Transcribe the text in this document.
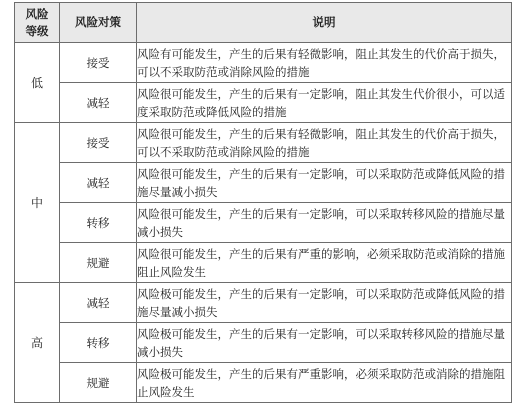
风险
等级	风险对策	说明
低	接受	风险有可能发生，产生的后果有轻微影响，阻止其发生的代价高于损失，可以不采取防范或消除风险的措施
	减轻	风险很可能发生，产生的后果有一定影响，阻止其发生代价很小，可以适度采取防范或降低风险的措施
中	接受	风险很可能发生，产生的后果有轻微影响，阻止其发生的代价高于损失，可以不采取防范或消除风险的措施
	减轻	风险很可能发生，产生的后果有一定影响，可以采取防范或降低风险的措施尽量减小损失
	转移	风险很可能发生，产生的后果有一定影响，可以采取转移风险的措施尽量减小损失
	规避	风险很可能发生，产生的后果有严重的影响，必须采取防范或消除的措施阻止风险发生
高	减轻	风险极可能发生，产生的后果有一定影响，可以采取防范或降低风险的措施尽量减小损失
	转移	风险极可能发生，产生的后果有一定影响，可以采取转移风险的措施尽量减小损失
	规避	风险极可能发生，产生的后果有严重影响，必须采取防范或消除的措施阻止风险发生
